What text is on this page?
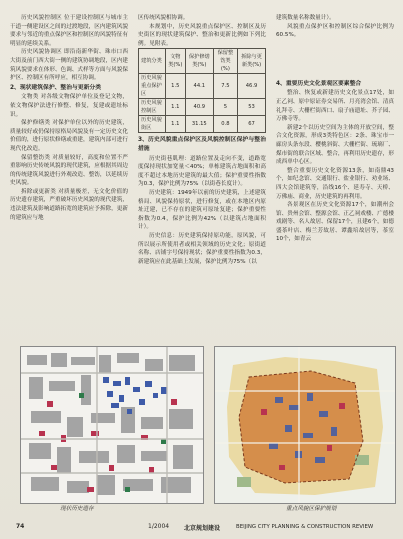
历史风貌控制区 位于建设控制区与城市主干道一侧建设区之间的过渡地段，区内建筑风貌要求与邻近的重点保护区和控制区的风貌特征有明显的延续关系。

历史风貌协调区 即沿南新华街、珠市口西大街及前门西大街一侧的建筑协调地段，区内建筑风貌要求在体形、色调、式样等方面与风貌保护区、控制区有所呼应，相互协调。

2、现状建筑保护、整治与更新分类

文物类 对各级文物保护单位及登记文物，依文物保护法进行修整、修复，复建或遗址标识。

保护修缮类 对保护单位以外的历史建筑，质量较好或仍保持原格局风貌及有一定历史文化价值的，进行原状修缮或重建，建筑内部可进行现代化改造。

保留整饬类 对质量较好，高度和位置不严重影响历史传统风貌的现代建筑，应根据其周边的传统建筑风貌进行外观改造、整饬，以延续历史风貌。

拆除或更新类 对质量极差，无文化价值的历史遗存建筑，严重破坏历史风貌的现代建筑，违法建筑及影响道路拓宽的建筑应予拆除，更新的建筑应与地

区传统风貌相协调。

本规划中，历史风貌重点保护区、控制区及历史街区的现状建筑保护、整治和更新比例如下列比例。见附表。

建筑分类	文物类(%)	保护修缮类(%)	保留整饬类(%)	拆除与更新类(%)
历史风貌重点保护区	1.5	44.1	7.5	46.9
历史风貌控制区	1.1	40.9	5	53
历史风貌街区	1.1	31.15	0.8	67
3、历史风貌重点保护区及风貌控制区保护与整治措施

历史街巷肌理：道路位置及走向不变，道路宽度保持现状加宽量＜40%；单栋建筑占地面积和高度不超过本地历史建筑的最大值；保护重要性指数为0.3，保护比例为75%（以街巷长度计）。

历史建筑：1949年以前的历史建筑，上述建筑格局、风貌保持原状，进行修复，或在本地区内原址迁建，已不存在的建筑可原址复建；保护重要性指数为0.4，保护比例为42%（以建筑占地面积计）。

历史信息：历史建筑保持原功能，原风貌，可所以展示所使用者或相关领域的历史文化；原街道名称、店铺字号保持现状；保护重要性指数为0.3，新建筑应在此基础上发展，保护比例为75%（以

建筑数量名称数量计）。

风貌重点保护区和控制区综合保护比例为60.5%。

4、重要历史文化景观区要素整合

整治、恢复或新建历史文化景点17处，如正乙祠、原中原证券交易所、月亮湾会馆、清真礼拜寺、大栅栏街西口、扇子庙遗址、芥子园、万佛寺等。

新建2个以历史空间为主体的开放空间，整合文化资源，形成3类特色区：2条、珠宝市一廊房头条东段、樱桃斜街、大栅栏街、琉璃厂、煤市街的联合区域、整合，再利用历史遗存，形成西单中心区。

整合重要历史文化资源13条，如南鼎43个，如纪念馆、交通银行、盐业银行、劝业场、四大会馆建筑等，沿线16个、延寿寺、天桥、万佛庙、商业，历史建筑的再利用。

各景观区在历史文化资源17个，如潮州会馆、贵州会馆、整源会馆、正乙祠戏楼、广德楼戏剧等、名人故居、保留17个，且建6个，如德盛茶叶店、梅兰芳故居、谭鑫培故居等，茶室10个，如青云

现状历史遗存	重点风貌区保护规划
74	1/2004 北京规划建设	BEIJING CITY PLANNING & CONSTRUCTION REVIEW
